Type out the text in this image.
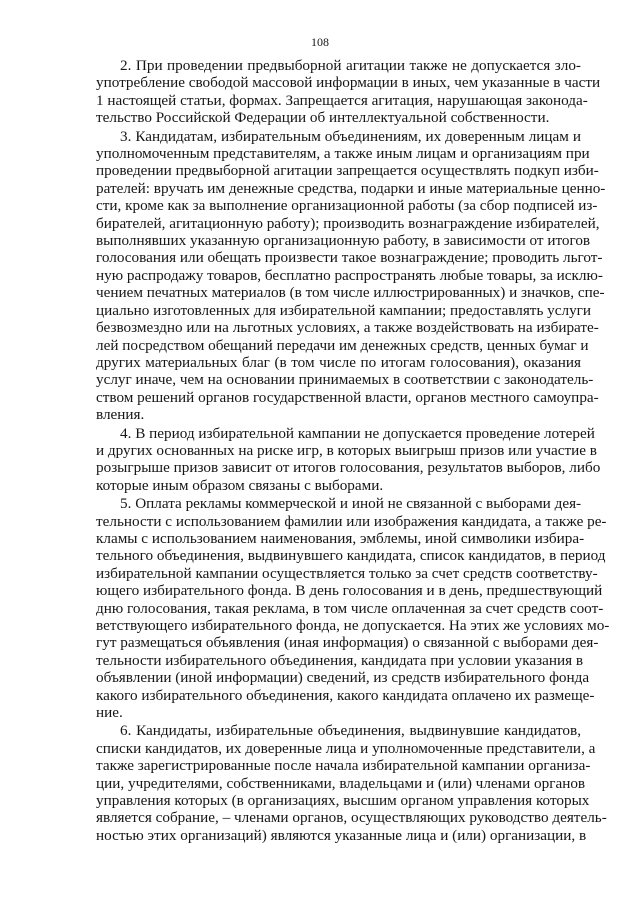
108
2. При проведении предвыборной агитации также не допускается зло-
употребление свободой массовой информации в иных, чем указанные в части
1 настоящей статьи, формах. Запрещается агитация, нарушающая законода-
тельство Российской Федерации об интеллектуальной собственности.
3. Кандидатам, избирательным объединениям, их доверенным лицам и
уполномоченным представителям, а также иным лицам и организациям при
проведении предвыборной агитации запрещается осуществлять подкуп изби-
рателей: вручать им денежные средства, подарки и иные материальные ценно-
сти, кроме как за выполнение организационной работы (за сбор подписей из-
бирателей, агитационную работу); производить вознаграждение избирателей,
выполнявших указанную организационную работу, в зависимости от итогов
голосования или обещать произвести такое вознаграждение; проводить льгот-
ную распродажу товаров, бесплатно распространять любые товары, за исклю-
чением печатных материалов (в том числе иллюстрированных) и значков, спе-
циально изготовленных для избирательной кампании; предоставлять услуги
безвозмездно или на льготных условиях, а также воздействовать на избирате-
лей посредством обещаний передачи им денежных средств, ценных бумаг и
других материальных благ (в том числе по итогам голосования), оказания
услуг иначе, чем на основании принимаемых в соответствии с законодатель-
ством решений органов государственной власти, органов местного самоупра-
вления.
4. В период избирательной кампании не допускается проведение лотерей
и других основанных на риске игр, в которых выигрыш призов или участие в
розыгрыше призов зависит от итогов голосования, результатов выборов, либо
которые иным образом связаны с выборами.
5. Оплата рекламы коммерческой и иной не связанной с выборами дея-
тельности с использованием фамилии или изображения кандидата, а также ре-
кламы с использованием наименования, эмблемы, иной символики избира-
тельного объединения, выдвинувшего кандидата, список кандидатов, в период
избирательной кампании осуществляется только за счет средств соответству-
ющего избирательного фонда. В день голосования и в день, предшествующий
дню голосования, такая реклама, в том числе оплаченная за счет средств соот-
ветствующего избирательного фонда, не допускается. На этих же условиях мо-
гут размещаться объявления (иная информация) о связанной с выборами дея-
тельности избирательного объединения, кандидата при условии указания в
объявлении (иной информации) сведений, из средств избирательного фонда
какого избирательного объединения, какого кандидата оплачено их размеще-
ние.
6. Кандидаты, избирательные объединения, выдвинувшие кандидатов,
списки кандидатов, их доверенные лица и уполномоченные представители, а
также зарегистрированные после начала избирательной кампании организа-
ции, учредителями, собственниками, владельцами и (или) членами органов
управления которых (в организациях, высшим органом управления которых
является собрание, – членами органов, осуществляющих руководство деятель-
ностью этих организаций) являются указанные лица и (или) организации, в
